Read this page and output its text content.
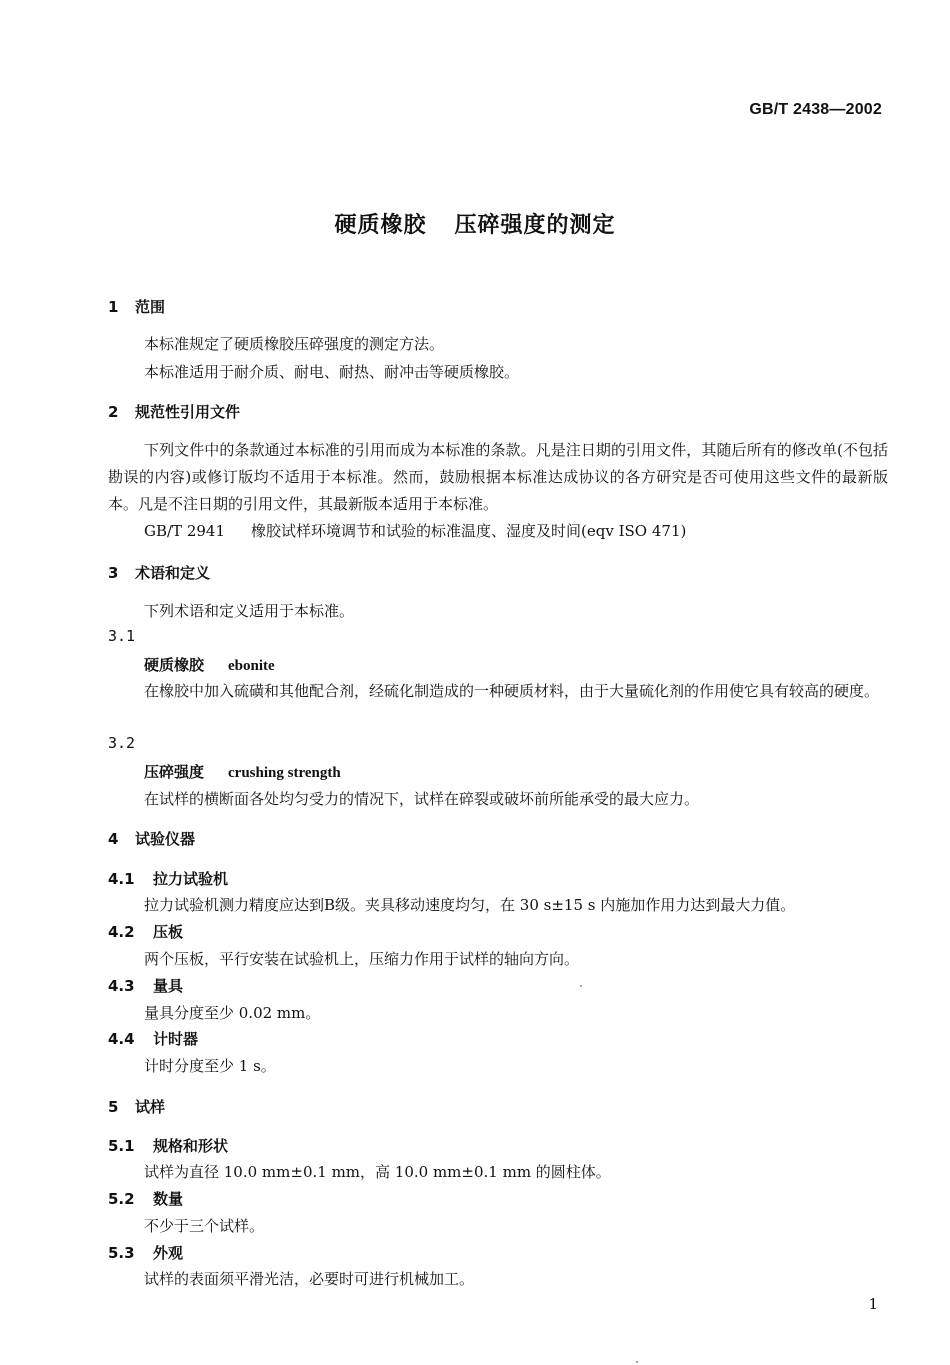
GB/T 2438—2002
硬质橡胶 压碎强度的测定
1 范围
本标准规定了硬质橡胶压碎强度的测定方法。
本标准适用于耐介质、耐电、耐热、耐冲击等硬质橡胶。
2 规范性引用文件
下列文件中的条款通过本标准的引用而成为本标准的条款。凡是注日期的引用文件，其随后所有的修改单(不包括勘误的内容)或修订版均不适用于本标准。然而，鼓励根据本标准达成协议的各方研究是否可使用这些文件的最新版本。凡是不注日期的引用文件，其最新版本适用于本标准。
GB/T 2941 橡胶试样环境调节和试验的标准温度、湿度及时间(eqv ISO 471)
3 术语和定义
下列术语和定义适用于本标准。
3.1
硬质橡胶 ebonite
在橡胶中加入硫磺和其他配合剂，经硫化制造成的一种硬质材料，由于大量硫化剂的作用使它具有较高的硬度。
3.2
压碎强度 crushing strength
在试样的横断面各处均匀受力的情况下，试样在碎裂或破坏前所能承受的最大应力。
4 试验仪器
4.1 拉力试验机
拉力试验机测力精度应达到B级。夹具移动速度均匀，在 30 s±15 s 内施加作用力达到最大力值。
4.2 压板
两个压板，平行安装在试验机上，压缩力作用于试样的轴向方向。
4.3 量具
量具分度至少 0.02 mm。
4.4 计时器
计时分度至少 1 s。
5 试样
5.1 规格和形状
试样为直径 10.0 mm±0.1 mm，高 10.0 mm±0.1 mm 的圆柱体。
5.2 数量
不少于三个试样。
5.3 外观
试样的表面须平滑光洁，必要时可进行机械加工。
1
